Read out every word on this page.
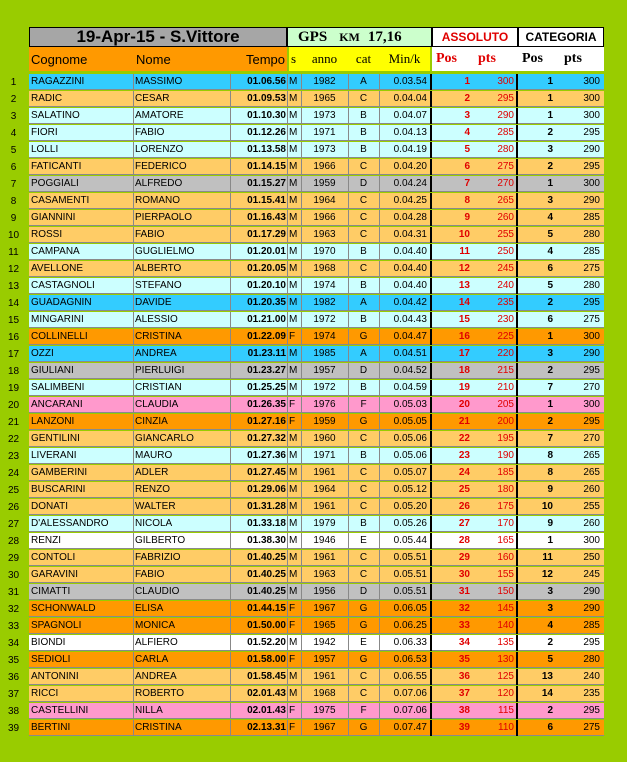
19-Apr-15 - S.Vittore	GPS KM 17,16	ASSOLUTO CATEGORIA
Cognome	Nome	Tempo s	anno	cat	Min/k	Pos	pts	Pos	pts
1	RAGAZZINI	MASSIMO	01.06.56 M	1982	A	0.03.54	1	300	1	300
2	RADIC	CESAR	01.09.53 M	1965	C	0.04.04	2	295	1	300
3	SALATINO	AMATORE	01.10.30 M	1973	B	0.04.07	3	290	1	300
4	FIORI	FABIO	01.12.26 M	1971	B	0.04.13	4	285	2	295
5	LOLLI	LORENZO	01.13.58 M	1973	B	0.04.19	5	280	3	290
6	FATICANTI	FEDERICO	01.14.15 M	1966	C	0.04.20	6	275	2	295
7	POGGIALI	ALFREDO	01.15.27 M	1959	D	0.04.24	7	270	1	300
8	CASAMENTI	ROMANO	01.15.41 M	1964	C	0.04.25	8	265	3	290
9	GIANNINI	PIERPAOLO	01.16.43 M	1966	C	0.04.28	9	260	4	285
10	ROSSI	FABIO	01.17.29 M	1963	C	0.04.31	10	255	5	280
11	CAMPANA	GUGLIELMO	01.20.01 M	1970	B	0.04.40	11	250	4	285
12	AVELLONE	ALBERTO	01.20.05 M	1968	C	0.04.40	12	245	6	275
13	CASTAGNOLI	STEFANO	01.20.10 M	1974	B	0.04.40	13	240	5	280
14	GUADAGNIN	DAVIDE	01.20.35 M	1982	A	0.04.42	14	235	2	295
15	MINGARINI	ALESSIO	01.21.00 M	1972	B	0.04.43	15	230	6	275
16	COLLINELLI	CRISTINA	01.22.09 F	1974	G	0.04.47	16	225	1	300
17	OZZI	ANDREA	01.23.11 M	1985	A	0.04.51	17	220	3	290
18	GIULIANI	PIERLUIGI	01.23.27 M	1957	D	0.04.52	18	215	2	295
19	SALIMBENI	CRISTIAN	01.25.25 M	1972	B	0.04.59	19	210	7	270
20	ANCARANI	CLAUDIA	01.26.35 F	1976	F	0.05.03	20	205	1	300
21	LANZONI	CINZIA	01.27.16 F	1959	G	0.05.05	21	200	2	295
22	GENTILINI	GIANCARLO	01.27.32 M	1960	C	0.05.06	22	195	7	270
23	LIVERANI	MAURO	01.27.36 M	1971	B	0.05.06	23	190	8	265
24	GAMBERINI	ADLER	01.27.45 M	1961	C	0.05.07	24	185	8	265
25	BUSCARINI	RENZO	01.29.06 M	1964	C	0.05.12	25	180	9	260
26	DONATI	WALTER	01.31.28 M	1961	C	0.05.20	26	175	10	255
27	D'ALESSANDRO	NICOLA	01.33.18 M	1979	B	0.05.26	27	170	9	260
28	RENZI	GILBERTO	01.38.30 M	1946	E	0.05.44	28	165	1	300
29	CONTOLI	FABRIZIO	01.40.25 M	1961	C	0.05.51	29	160	11	250
30	GARAVINI	FABIO	01.40.25 M	1963	C	0.05.51	30	155	12	245
31	CIMATTI	CLAUDIO	01.40.25 M	1956	D	0.05.51	31	150	3	290
32	SCHONWALD	ELISA	01.44.15 F	1967	G	0.06.05	32	145	3	290
33	SPAGNOLI	MONICA	01.50.00 F	1965	G	0.06.25	33	140	4	285
34	BIONDI	ALFIERO	01.52.20 M	1942	E	0.06.33	34	135	2	295
35	SEDIOLI	CARLA	01.58.00 F	1957	G	0.06.53	35	130	5	280
36	ANTONINI	ANDREA	01.58.45 M	1961	C	0.06.55	36	125	13	240
37	RICCI	ROBERTO	02.01.43 M	1968	C	0.07.06	37	120	14	235
38	CASTELLINI	NILLA	02.01.43 F	1975	F	0.07.06	38	115	2	295
39	BERTINI	CRISTINA	02.13.31 F	1967	G	0.07.47	39	110	6	275
